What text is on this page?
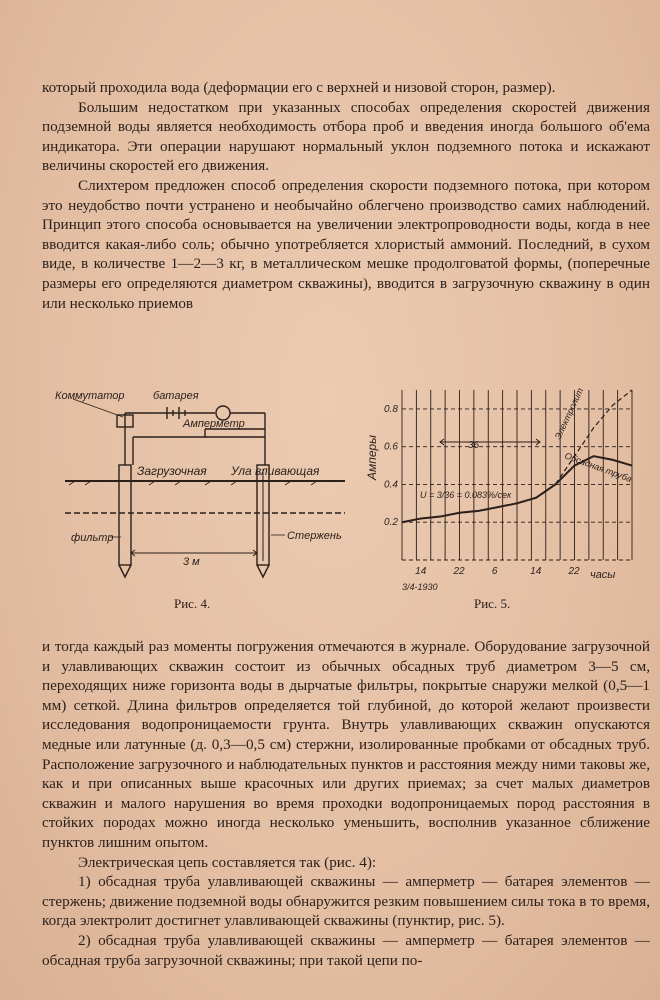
который проходила вода (деформации его с верхней и низовой сторон, размер).

Большим недостатком при указанных способах определения скоростей движения подземной воды является необходимость отбора проб и введения иногда большого об'ема индикатора. Эти операции нарушают нормальный уклон подземного потока и искажают величины скоростей его движения.

Слихтером предложен способ определения скорости подземного потока, при котором это неудобство почти устранено и необычайно облегчено производство самих наблюдений. Принцип этого способа основывается на увеличении электропроводности воды, когда в нее вводится какая-либо соль; обычно употребляется хлористый аммоний. Последний, в сухом виде, в количестве 1—2—3 кг, в металлическом мешке продолговатой формы, (поперечные размеры его определяются диаметром скважины), вводится в загрузочную скважину в один или несколько приемов

Коммутатор	батарея
Амперметр
Загрузочная Ула вливающая
фильтр	Стержень
3 м
Рис. 4.
0.2
0.4
0.6
0.8
14	22	6	14	22
Амперы
часы
3/4-1930
36
U = 3/36 = 0.083%/сек
Электролит
Обсадная труба
Рис. 5.

и тогда каждый раз моменты погружения отмечаются в журнале. Оборудование загрузочной и улавливающих скважин состоит из обычных обсадных труб диаметром 3—5 см, переходящих ниже горизонта воды в дырчатые фильтры, покрытые снаружи мелкой (0,5—1 мм) сеткой. Длина фильтров определяется той глубиной, до которой желают произвести исследования водопроницаемости грунта. Внутрь улавливающих скважин опускаются медные или латунные (д. 0,3—0,5 см) стержни, изолированные пробками от обсадных труб. Расположение загрузочного и наблюдательных пунктов и расстояния между ними таковы же, как и при описанных выше красочных или других приемах; за счет малых диаметров скважин и малого нарушения во время проходки водопроницаемых пород расстояния в стойких породах можно иногда несколько уменьшить, восполнив указанное сближение пунктов лишним опытом.

Электрическая цепь составляется так (рис. 4):

1) обсадная труба улавливающей скважины — амперметр — батарея элементов — стержень; движение подземной воды обнаружится резким повышением силы тока в то время, когда электролит достигнет улавливающей скважины (пунктир, рис. 5).

2) обсадная труба улавливающей скважины — амперметр — батарея элементов — обсадная труба загрузочной скважины; при такой цепи по-
